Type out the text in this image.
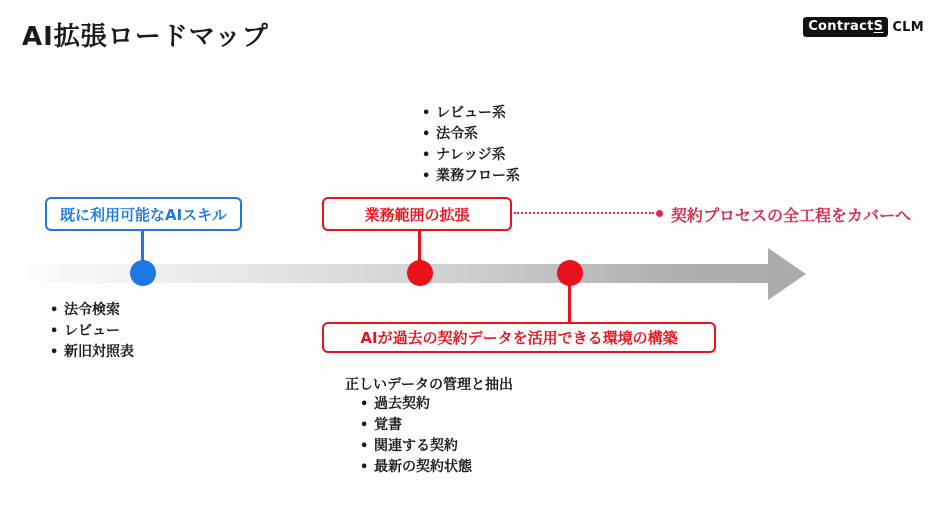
AI拡張ロードマップ	ContractS CLM
• レビュー系
• 法令系
• ナレッジ系
• 業務フロー系
既に利用可能なAIスキル	業務範囲の拡張	契約プロセスの全工程をカバーへ
• 法令検索
• レビュー
• 新旧対照表
AIが過去の契約データを活用できる環境の構築
正しいデータの管理と抽出
• 過去契約
• 覚書
• 関連する契約
• 最新の契約状態
